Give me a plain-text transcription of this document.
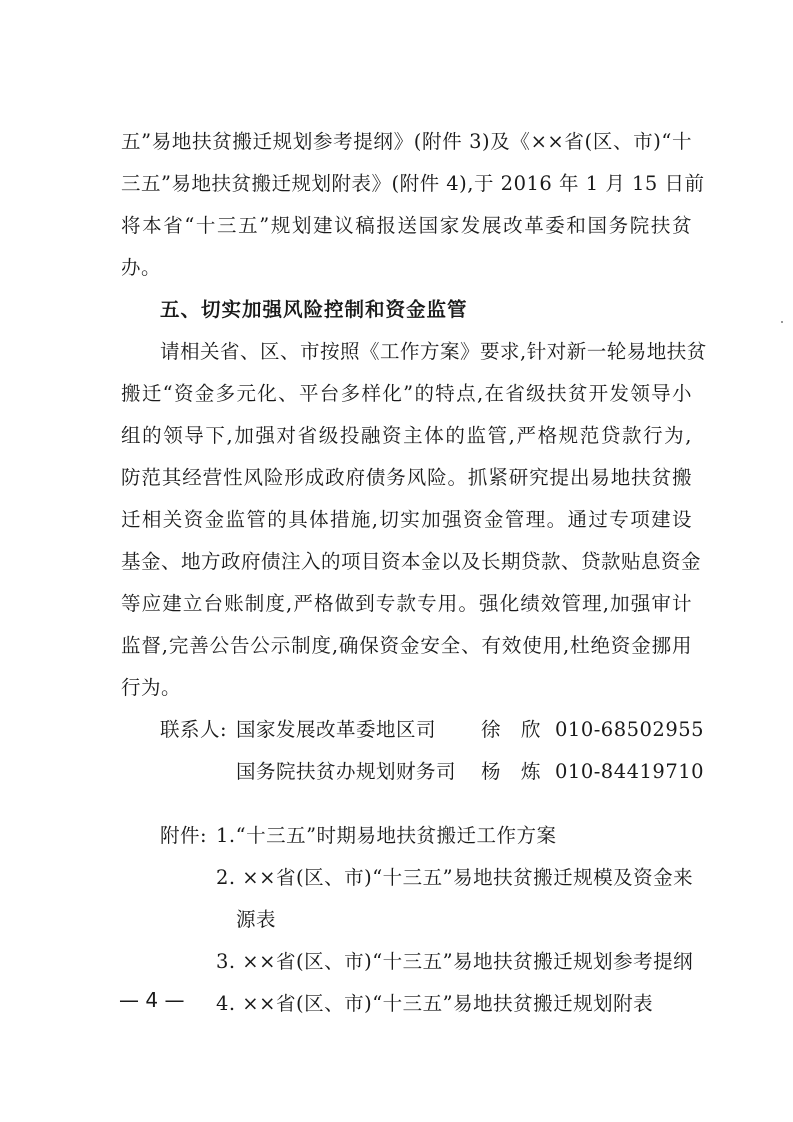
五”易地扶贫搬迁规划参考提纲》(附件 3)及《××省(区、市)“十
三五”易地扶贫搬迁规划附表》(附件 4),于 2016 年 1 月 15 日前
将本省“十三五”规划建议稿报送国家发展改革委和国务院扶贫
办。
五、切实加强风险控制和资金监管
请相关省、区、市按照《工作方案》要求,针对新一轮易地扶贫
搬迁“资金多元化、平台多样化”的特点,在省级扶贫开发领导小
组的领导下,加强对省级投融资主体的监管,严格规范贷款行为,
防范其经营性风险形成政府债务风险。抓紧研究提出易地扶贫搬
迁相关资金监管的具体措施,切实加强资金管理。通过专项建设
基金、地方政府债注入的项目资本金以及长期贷款、贷款贴息资金
等应建立台账制度,严格做到专款专用。强化绩效管理,加强审计
监督,完善公告公示制度,确保资金安全、有效使用,杜绝资金挪用
行为。
联系人: 国家发展改革委地区司 徐　欣 010-68502955
国务院扶贫办规划财务司 杨　炼 010-84419710
附件: 1.“十三五”时期易地扶贫搬迁工作方案
2. ××省(区、市)“十三五”易地扶贫搬迁规模及资金来
源表
3. ××省(区、市)“十三五”易地扶贫搬迁规划参考提纲
4. ××省(区、市)“十三五”易地扶贫搬迁规划附表
— 4 —
